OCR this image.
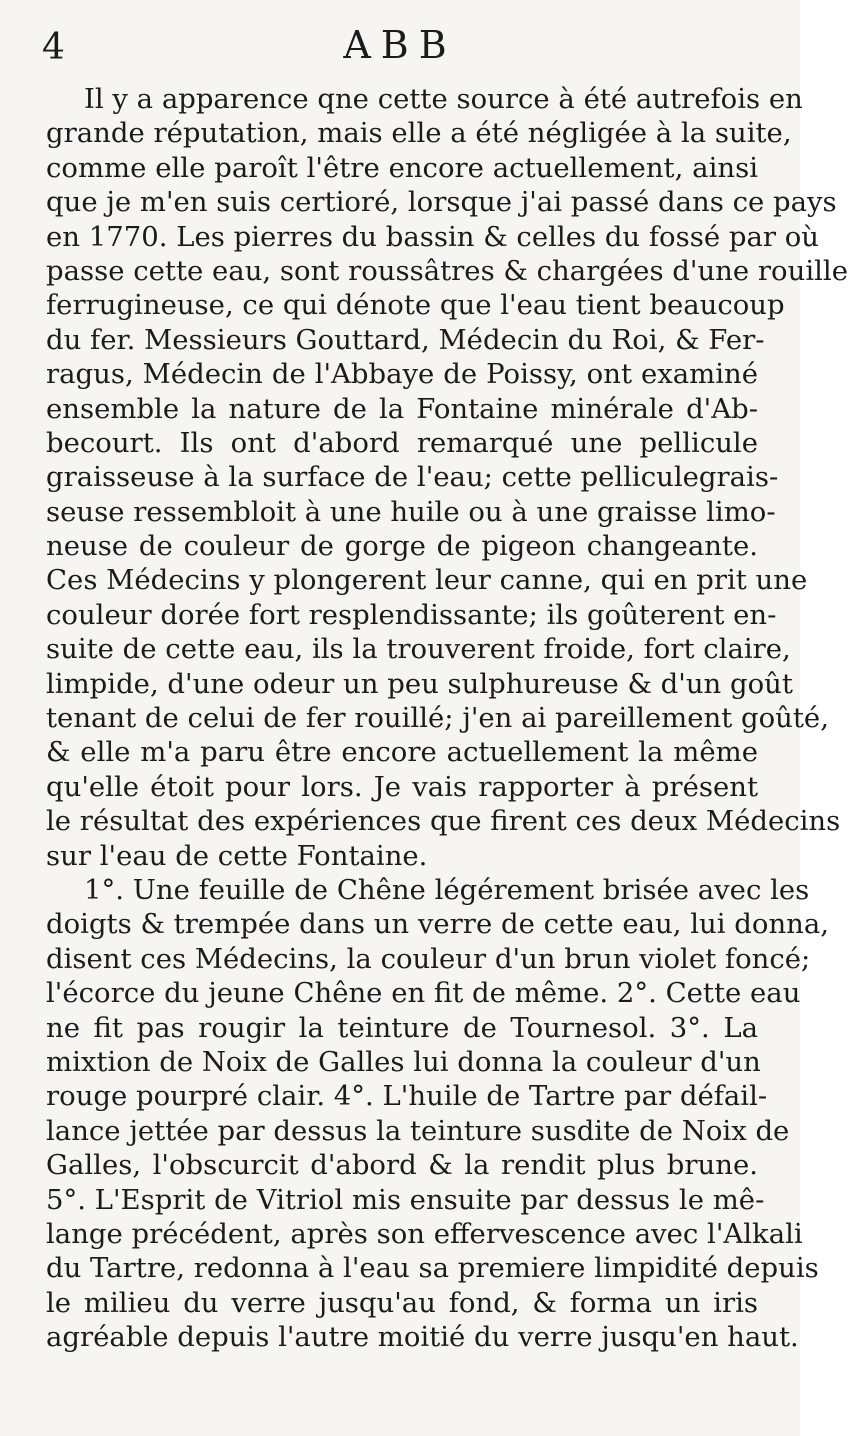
4	ABB
Il y a apparence qne cette source à été autrefois en
grande réputation, mais elle a été négligée à la suite,
comme elle paroît l'être encore actuellement, ainsi
que je m'en suis certioré, lorsque j'ai passé dans ce pays
en 1770. Les pierres du bassin & celles du fossé par où
passe cette eau, sont roussâtres & chargées d'une rouille
ferrugineuse, ce qui dénote que l'eau tient beaucoup
du fer. Messieurs Gouttard, Médecin du Roi, & Fer-
ragus, Médecin de l'Abbaye de Poissy, ont examiné
ensemble la nature de la Fontaine minérale d'Ab-
becourt. Ils ont d'abord remarqué une pellicule
graisseuse à la surface de l'eau; cette pelliculegrais-
seuse ressembloit à une huile ou à une graisse limo-
neuse de couleur de gorge de pigeon changeante.
Ces Médecins y plongerent leur canne, qui en prit une
couleur dorée fort resplendissante; ils goûterent en-
suite de cette eau, ils la trouverent froide, fort claire,
limpide, d'une odeur un peu sulphureuse & d'un goût
tenant de celui de fer rouillé; j'en ai pareillement goûté,
& elle m'a paru être encore actuellement la même
qu'elle étoit pour lors. Je vais rapporter à présent
le résultat des expériences que firent ces deux Médecins
sur l'eau de cette Fontaine.
1°. Une feuille de Chêne légérement brisée avec les
doigts & trempée dans un verre de cette eau, lui donna,
disent ces Médecins, la couleur d'un brun violet foncé;
l'écorce du jeune Chêne en fit de même. 2°. Cette eau
ne fit pas rougir la teinture de Tournesol. 3°. La
mixtion de Noix de Galles lui donna la couleur d'un
rouge pourpré clair. 4°. L'huile de Tartre par défail-
lance jettée par dessus la teinture susdite de Noix de
Galles, l'obscurcit d'abord & la rendit plus brune.
5°. L'Esprit de Vitriol mis ensuite par dessus le mê-
lange précédent, après son effervescence avec l'Alkali
du Tartre, redonna à l'eau sa premiere limpidité depuis
le milieu du verre jusqu'au fond, & forma un iris
agréable depuis l'autre moitié du verre jusqu'en haut.
